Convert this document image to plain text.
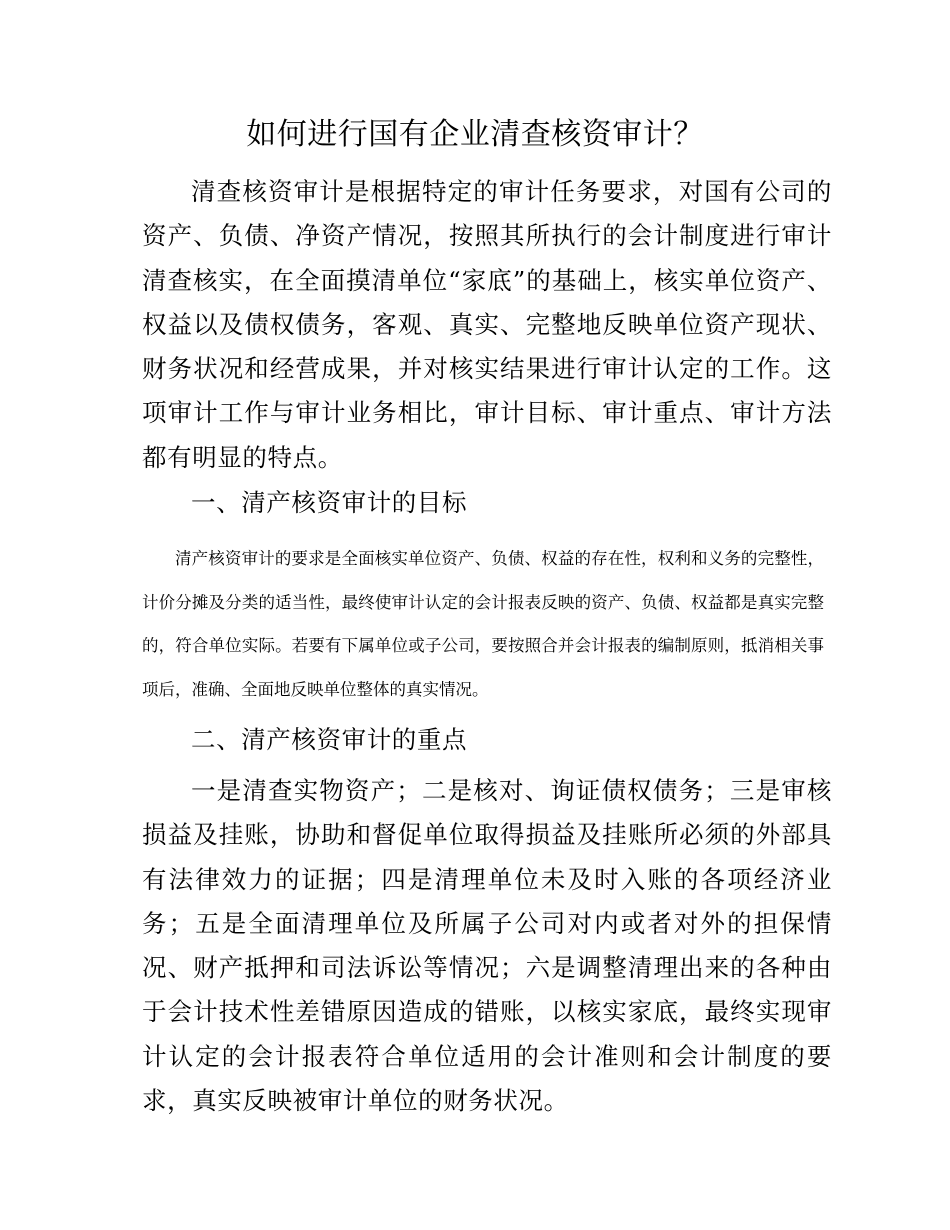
如何进行国有企业清查核资审计？

清查核资审计是根据特定的审计任务要求，对国有公司的资产、负债、净资产情况，按照其所执行的会计制度进行审计清查核实，在全面摸清单位“家底”的基础上，核实单位资产、权益以及债权债务，客观、真实、完整地反映单位资产现状、财务状况和经营成果，并对核实结果进行审计认定的工作。这项审计工作与审计业务相比，审计目标、审计重点、审计方法都有明显的特点。

一、清产核资审计的目标

清产核资审计的要求是全面核实单位资产、负债、权益的存在性，权利和义务的完整性，计价分摊及分类的适当性，最终使审计认定的会计报表反映的资产、负债、权益都是真实完整的，符合单位实际。若要有下属单位或子公司，要按照合并会计报表的编制原则，抵消相关事项后，准确、全面地反映单位整体的真实情况。

二、清产核资审计的重点

一是清查实物资产；二是核对、询证债权债务；三是审核损益及挂账，协助和督促单位取得损益及挂账所必须的外部具有法律效力的证据；四是清理单位未及时入账的各项经济业务；五是全面清理单位及所属子公司对内或者对外的担保情况、财产抵押和司法诉讼等情况；六是调整清理出来的各种由于会计技术性差错原因造成的错账，以核实家底，最终实现审计认定的会计报表符合单位适用的会计准则和会计制度的要求，真实反映被审计单位的财务状况。
